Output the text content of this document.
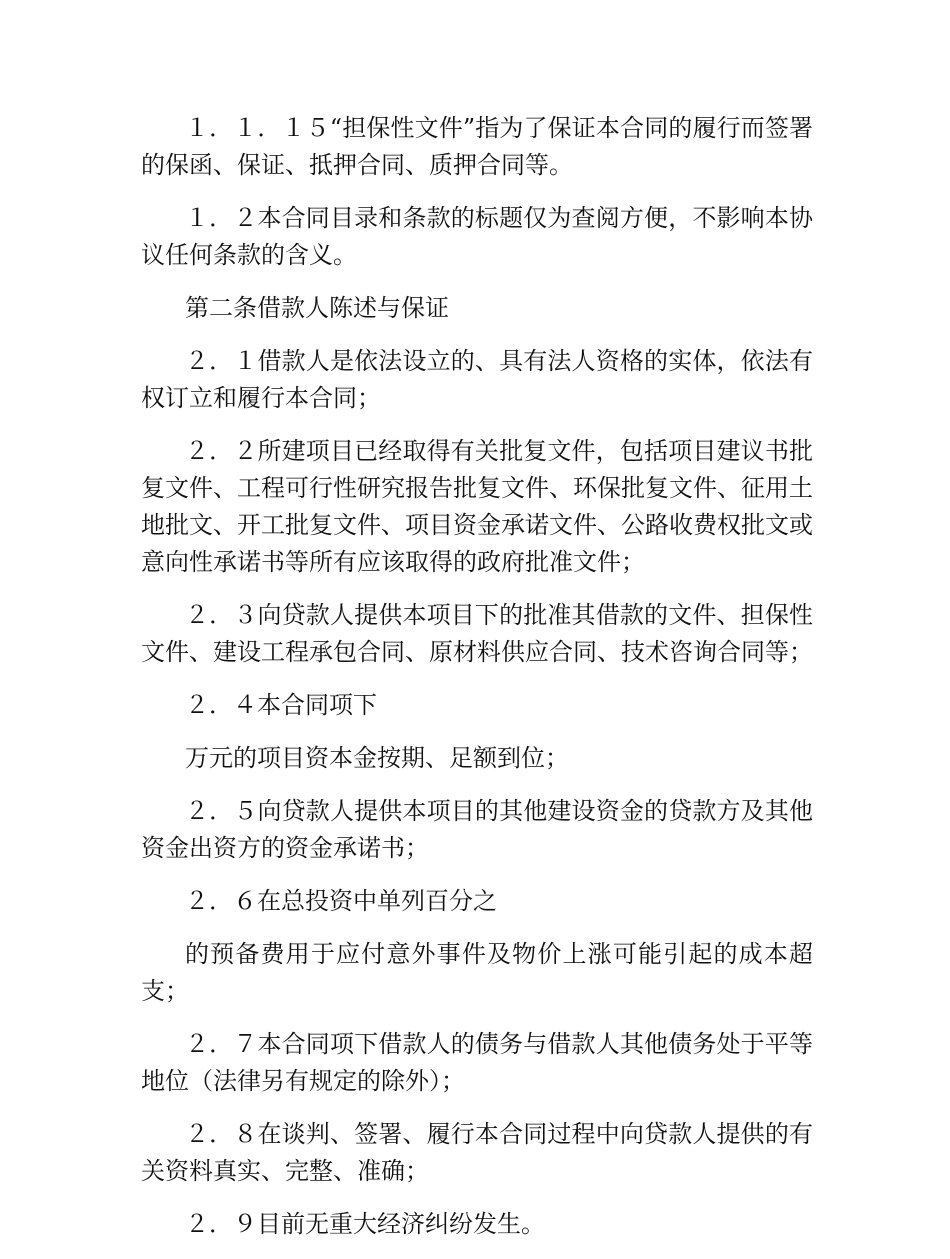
１．１．１５“担保性文件”指为了保证本合同的履行而签署的保函、保证、抵押合同、质押合同等。

１．２本合同目录和条款的标题仅为查阅方便，不影响本协议任何条款的含义。

第二条借款人陈述与保证

２．１借款人是依法设立的、具有法人资格的实体，依法有权订立和履行本合同；

２．２所建项目已经取得有关批复文件，包括项目建议书批复文件、工程可行性研究报告批复文件、环保批复文件、征用土地批文、开工批复文件、项目资金承诺文件、公路收费权批文或意向性承诺书等所有应该取得的政府批准文件；

２．３向贷款人提供本项目下的批准其借款的文件、担保性文件、建设工程承包合同、原材料供应合同、技术咨询合同等；

２．４本合同项下

万元的项目资本金按期、足额到位；

２．５向贷款人提供本项目的其他建设资金的贷款方及其他资金出资方的资金承诺书；

２．６在总投资中单列百分之

的预备费用于应付意外事件及物价上涨可能引起的成本超支；

２．７本合同项下借款人的债务与借款人其他债务处于平等地位（法律另有规定的除外）；

２．８在谈判、签署、履行本合同过程中向贷款人提供的有关资料真实、完整、准确；

２．９目前无重大经济纠纷发生。
